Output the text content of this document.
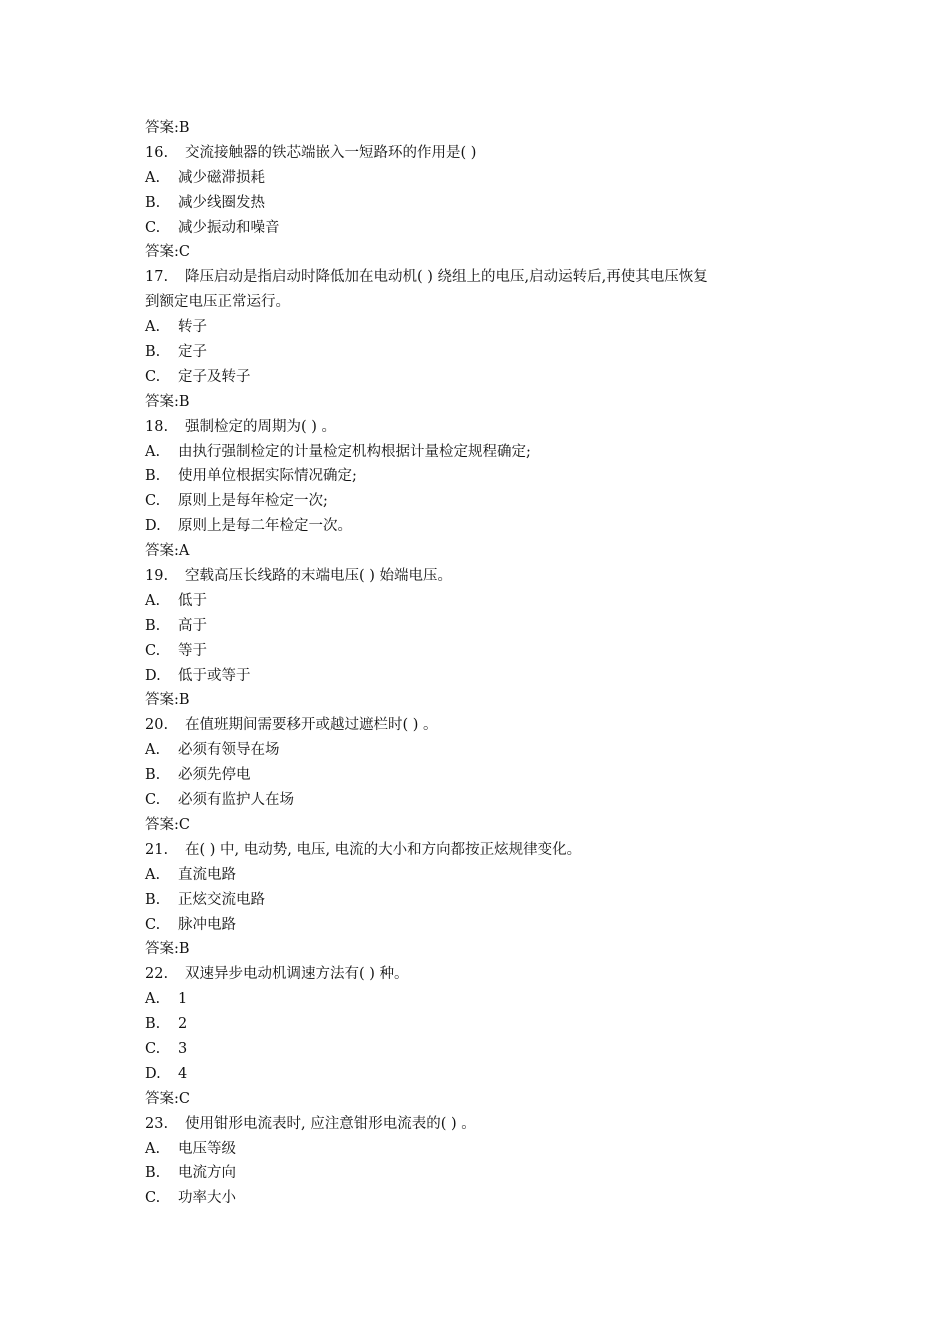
答案:B
16. 交流接触器的铁芯端嵌入一短路环的作用是( )
A. 减少磁滞损耗
B. 减少线圈发热
C. 减少振动和噪音
答案:C
17. 降压启动是指启动时降低加在电动机( ) 绕组上的电压,启动运转后,再使其电压恢复
到额定电压正常运行。
A. 转子
B. 定子
C. 定子及转子
答案:B
18. 强制检定的周期为( ) 。
A. 由执行强制检定的计量检定机构根据计量检定规程确定;
B. 使用单位根据实际情况确定;
C. 原则上是每年检定一次;
D. 原则上是每二年检定一次。
答案:A
19. 空载高压长线路的末端电压( ) 始端电压。
A. 低于
B. 高于
C. 等于
D. 低于或等于
答案:B
20. 在值班期间需要移开或越过遮栏时( ) 。
A. 必须有领导在场
B. 必须先停电
C. 必须有监护人在场
答案:C
21. 在( ) 中, 电动势, 电压, 电流的大小和方向都按正炫规律变化。
A. 直流电路
B. 正炫交流电路
C. 脉冲电路
答案:B
22. 双速异步电动机调速方法有( ) 种。
A. 1
B. 2
C. 3
D. 4
答案:C
23. 使用钳形电流表时, 应注意钳形电流表的( ) 。
A. 电压等级
B. 电流方向
C. 功率大小
